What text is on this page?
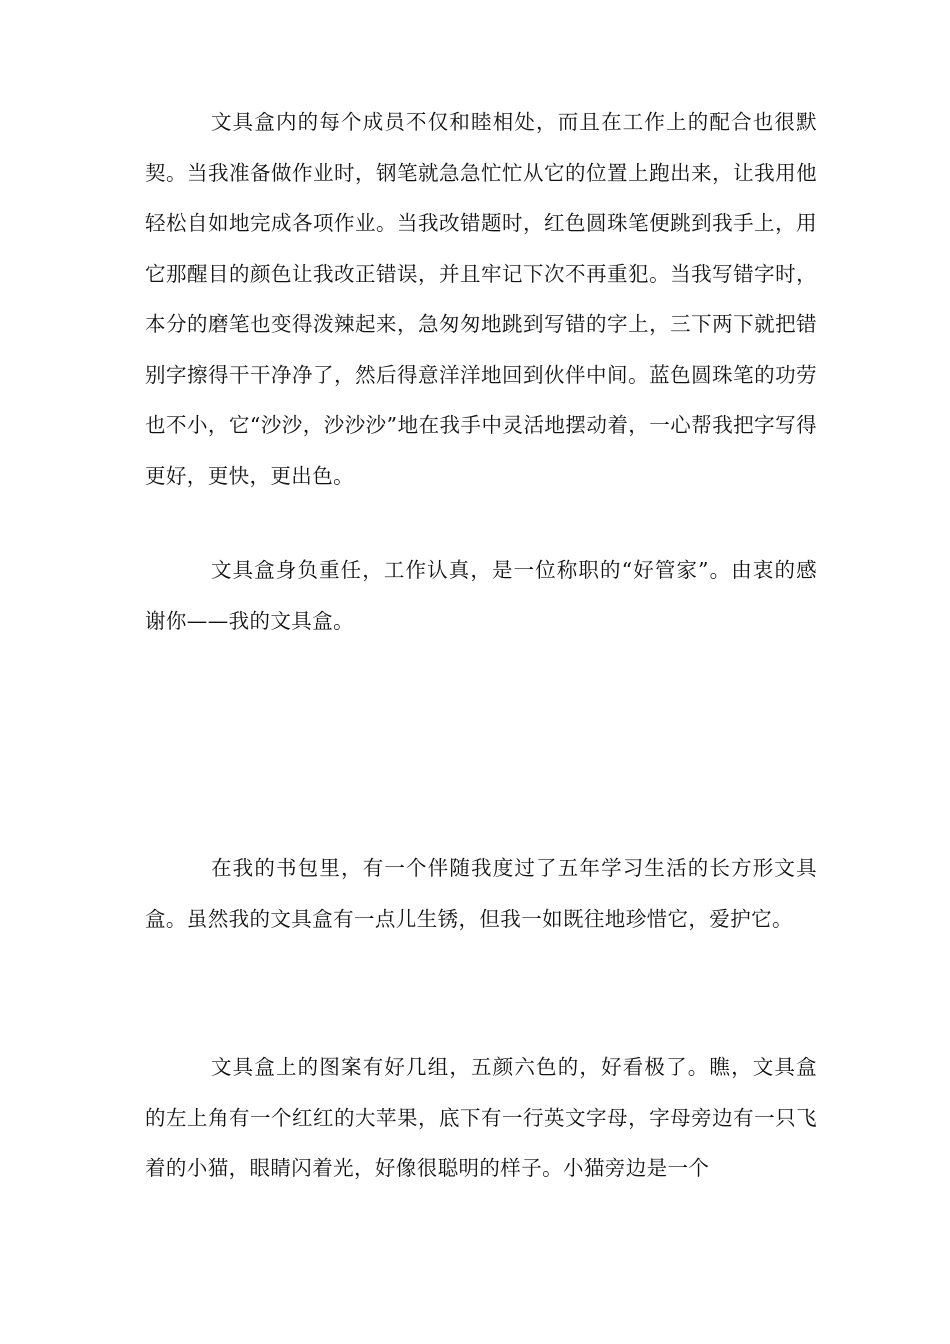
文具盒内的每个成员不仅和睦相处，而且在工作上的配合也很默契。当我准备做作业时，钢笔就急急忙忙从它的位置上跑出来，让我用他轻松自如地完成各项作业。当我改错题时，红色圆珠笔便跳到我手上，用它那醒目的颜色让我改正错误，并且牢记下次不再重犯。当我写错字时，本分的磨笔也变得泼辣起来，急匆匆地跳到写错的字上，三下两下就把错别字擦得干干净净了，然后得意洋洋地回到伙伴中间。蓝色圆珠笔的功劳也不小，它“沙沙，沙沙沙”地在我手中灵活地摆动着，一心帮我把字写得更好，更快，更出色。

文具盒身负重任，工作认真，是一位称职的“好管家”。由衷的感谢你——我的文具盒。

在我的书包里，有一个伴随我度过了五年学习生活的长方形文具盒。虽然我的文具盒有一点儿生锈，但我一如既往地珍惜它，爱护它。

文具盒上的图案有好几组，五颜六色的，好看极了。瞧，文具盒的左上角有一个红红的大苹果，底下有一行英文字母，字母旁边有一只飞着的小猫，眼睛闪着光，好像很聪明的样子。小猫旁边是一个
